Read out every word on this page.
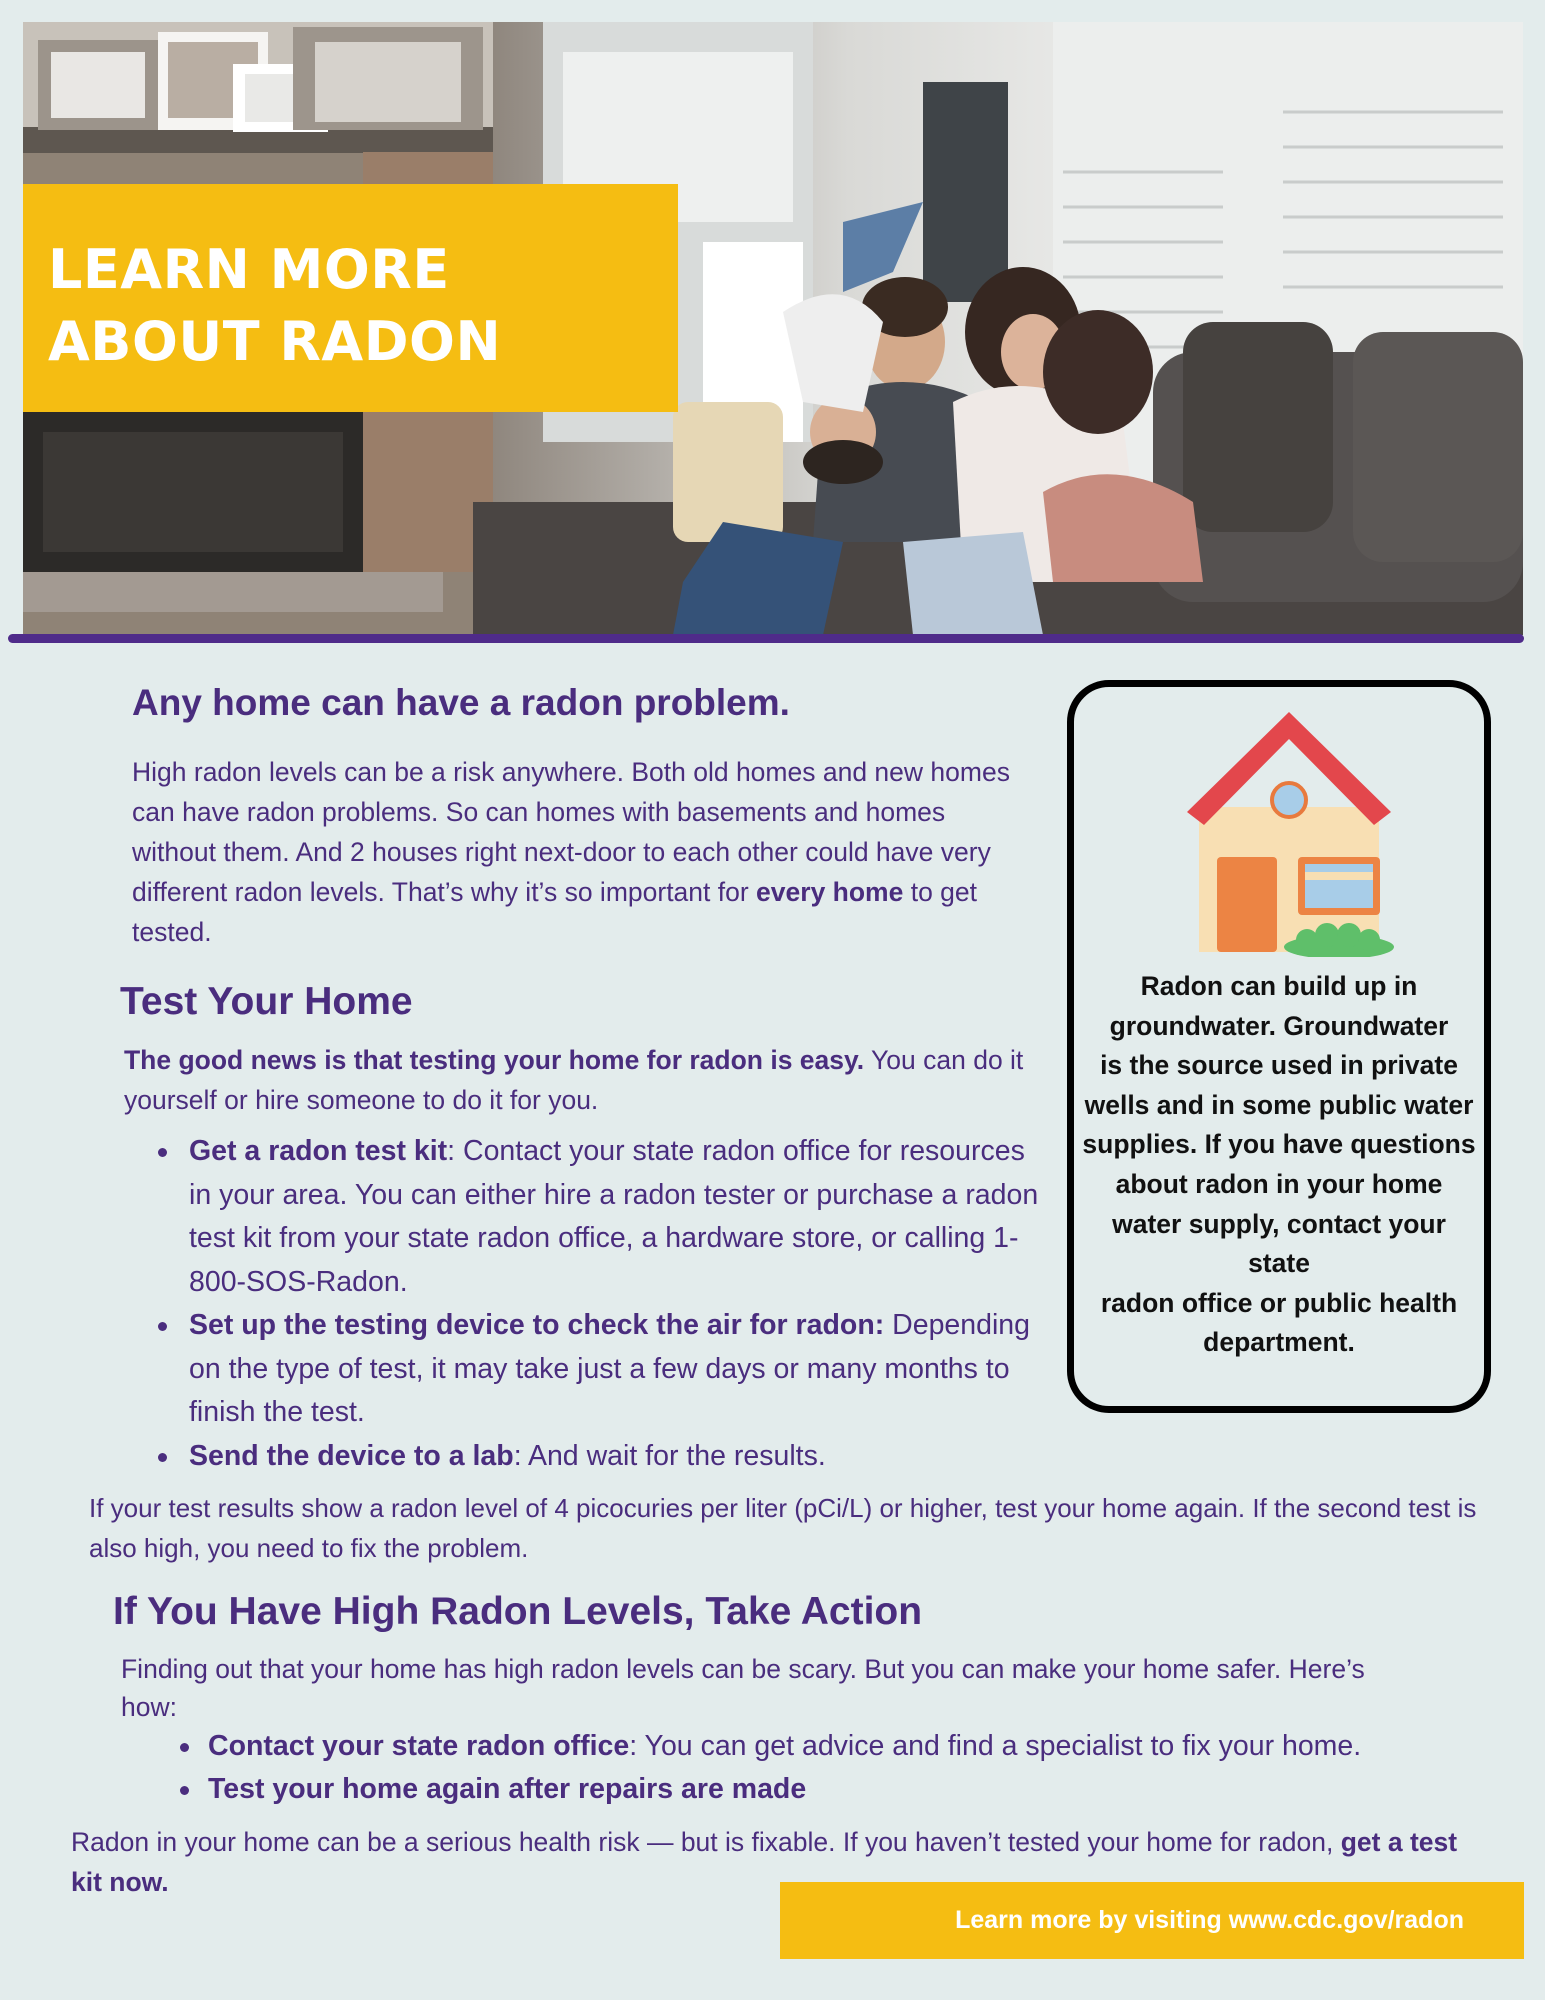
LEARN MORE
ABOUT RADON
Any home can have a radon problem.

High radon levels can be a risk anywhere. Both old homes and new homes can have radon problems. So can homes with basements and homes without them. And 2 houses right next-door to each other could have very different radon levels. That’s why it’s so important for every home to get tested.

Test Your Home

The good news is that testing your home for radon is easy. You can do it yourself or hire someone to do it for you.

Get a radon test kit: Contact your state radon office for resources in your area. You can either hire a radon tester or purchase a radon test kit from your state radon office, a hardware store, or calling 1-800-SOS-Radon.
Set up the testing device to check the air for radon: Depending on the type of test, it may take just a few days or many months to finish the test.
Send the device to a lab: And wait for the results.

If your test results show a radon level of 4 picocuries per liter (pCi/L) or higher, test your home again. If the second test is also high, you need to fix the problem.

If You Have High Radon Levels, Take Action

Finding out that your home has high radon levels can be scary. But you can make your home safer. Here’s how:

Contact your state radon office: You can get advice and find a specialist to fix your home.
Test your home again after repairs are made

Radon in your home can be a serious health risk — but is fixable. If you haven’t tested your home for radon, get a test kit now.

Radon can build up in
groundwater. Groundwater
is the source used in private
wells and in some public water
supplies. If you have questions
about radon in your home
water supply, contact your
state
radon office or public health
department.

Learn more by visiting www.cdc.gov/radon
